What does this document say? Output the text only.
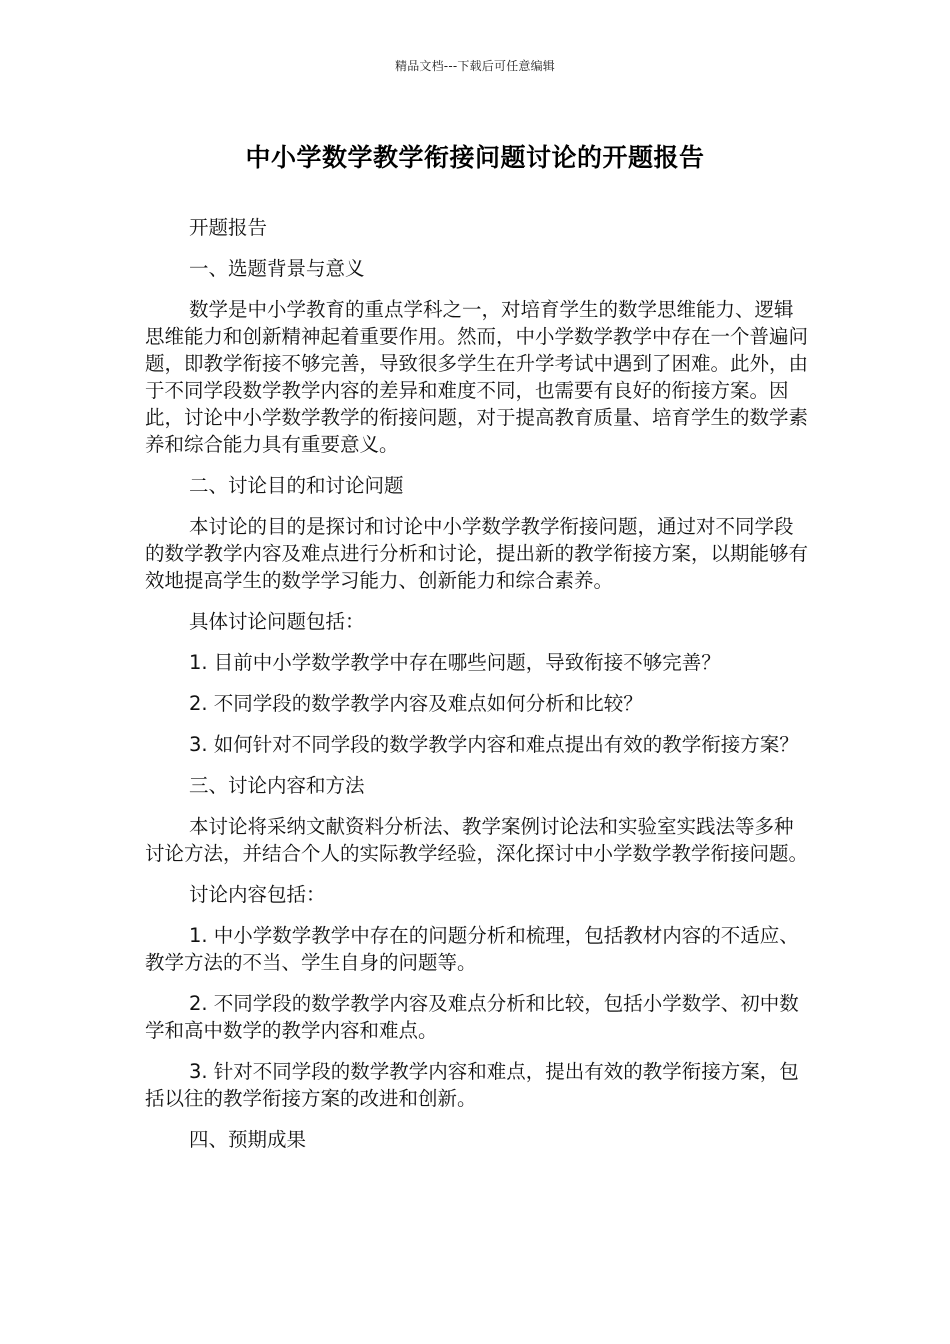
精品文档---下载后可任意编辑
中小学数学教学衔接问题讨论的开题报告

开题报告

一、选题背景与意义

数学是中小学教育的重点学科之一，对培育学生的数学思维能力、逻辑思维能力和创新精神起着重要作用。然而，中小学数学教学中存在一个普遍问题，即教学衔接不够完善，导致很多学生在升学考试中遇到了困难。此外，由于不同学段数学教学内容的差异和难度不同，也需要有良好的衔接方案。因此，讨论中小学数学教学的衔接问题，对于提高教育质量、培育学生的数学素养和综合能力具有重要意义。

二、讨论目的和讨论问题

本讨论的目的是探讨和讨论中小学数学教学衔接问题，通过对不同学段的数学教学内容及难点进行分析和讨论，提出新的教学衔接方案，以期能够有效地提高学生的数学学习能力、创新能力和综合素养。

具体讨论问题包括：

1. 目前中小学数学教学中存在哪些问题，导致衔接不够完善？

2. 不同学段的数学教学内容及难点如何分析和比较？

3. 如何针对不同学段的数学教学内容和难点提出有效的教学衔接方案？

三、讨论内容和方法

本讨论将采纳文献资料分析法、教学案例讨论法和实验室实践法等多种讨论方法，并结合个人的实际教学经验，深化探讨中小学数学教学衔接问题。

讨论内容包括：

1. 中小学数学教学中存在的问题分析和梳理，包括教材内容的不适应、教学方法的不当、学生自身的问题等。

2. 不同学段的数学教学内容及难点分析和比较，包括小学数学、初中数学和高中数学的教学内容和难点。

3. 针对不同学段的数学教学内容和难点，提出有效的教学衔接方案，包括以往的教学衔接方案的改进和创新。

四、预期成果
